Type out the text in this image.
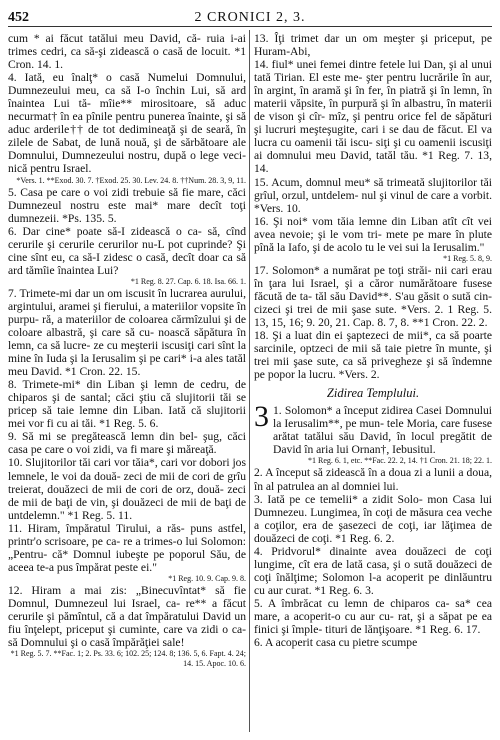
452	2 CRONICI 2, 3.

cum * ai făcut tatălui meu David, că- ruia i-ai trimes cedri, ca să-şi zidească o casă de locuit. *1 Cron. 14. 1.

4. Iată, eu înalţ* o casă Numelui Domnului, Dumnezeului meu, ca să I-o închin Lui, să ard înaintea Lui tă- mîie** mirositoare, să aduc necurmat† în ea pînile pentru punerea înainte, şi să aduc arderile†† de tot dedimineaţă şi de seară, în zilele de Sabat, de lună nouă, şi de sărbătoare ale Domnului, Dumnezeului nostru, după o lege veci- nică pentru Israel.

*Vers. 1. **Exod. 30. 7. †Exod. 25. 30. Lev. 24. 8. ††Num. 28. 3, 9, 11.

5. Casa pe care o voi zidi trebuie să fie mare, căci Dumnezeul nostru este mai* mare decît toţi dumnezeii. *Ps. 135. 5.

6. Dar cine* poate să-I zidească o ca- să, cînd cerurile şi cerurile cerurilor nu-L pot cuprinde? Şi cine sînt eu, ca să-I zidesc o casă, decît doar ca să ard tămîie înaintea Lui?

*1 Reg. 8. 27. Cap. 6. 18. Isa. 66. 1.

7. Trimete-mi dar un om iscusit în lucrarea aurului, argintului, aramei şi fierului, a materiilor vopsite în purpu- ră, a materiilor de coloarea cărmîzului şi de coloare albastră, şi care să cu- noască săpătura în lemn, ca să lucre- ze cu meşterii iscusiţi cari sînt la mine în Iuda şi la Ierusalim şi pe cari* i-a ales tatăl meu David. *1 Cron. 22. 15.

8. Trimete-mi* din Liban şi lemn de cedru, de chiparos şi de santal; căci ştiu că slujitorii tăi se pricep să taie lemne din Liban. Iată că slujitorii mei vor fi cu ai tăi. *1 Reg. 5. 6.

9. Să mi se pregătească lemn din bel- şug, căci casa pe care o voi zidi, va fi mare şi măreaţă.

10. Slujitorilor tăi cari vor tăia*, cari vor dobori jos lemnele, le voi da două- zeci de mii de cori de grîu treierat, douăzeci de mii de cori de orz, două- zeci de mii de baţi de vin, şi douăzeci de mii de baţi de untdelemn." *1 Reg. 5. 11.

11. Hiram, împăratul Tirului, a răs- puns astfel, printr'o scrisoare, pe ca- re a trimes-o lui Solomon: „Pentru- că* Domnul iubeşte pe poporul Său, de aceea te-a pus împărat peste ei."

*1 Reg. 10. 9. Cap. 9. 8.

12. Hiram a mai zis: „Binecuvîntat* să fie Domnul, Dumnezeul lui Israel, ca- re** a făcut cerurile şi pămîntul, că a dat împăratului David un fiu înţelept, priceput şi cuminte, care va zidi o ca- să Domnului şi o casă împărăţiei sale!

*1 Reg. 5. 7. **Fac. 1; 2. Ps. 33. 6; 102. 25; 124. 8; 136. 5, 6. Fapt. 4. 24; 14. 15. Apoc. 10. 6.

13. Îţi trimet dar un om meşter şi priceput, pe Huram-Abi,

14. fiul* unei femei dintre fetele lui Dan, şi al unui tată Tirian. El este me- şter pentru lucrările în aur, în argint, în aramă şi în fer, în piatră şi în lemn, în materii văpsite, în purpură şi în albastru, în materii de vison şi cîr- mîz, şi pentru orice fel de săpături şi lucruri meşteşugite, cari i se dau de făcut. El va lucra cu oamenii tăi iscu- siţi şi cu oamenii iscusiţi ai domnului meu David, tatăl tău. *1 Reg. 7. 13, 14.

15. Acum, domnul meu* să trimeată slujitorilor tăi grîul, orzul, untdelem- nul şi vinul de care a vorbit. *Vers. 10.

16. Şi noi* vom tăia lemne din Liban atît cît vei avea nevoie; şi le vom tri- mete pe mare în plute pînă la Iafo, şi de acolo tu le vei sui la Ierusalim."

*1 Reg. 5. 8, 9.

17. Solomon* a numărat pe toţi străi- nii cari erau în ţara lui Israel, şi a căror numărătoare fusese făcută de ta- tăl său David**. S'au găsit o sută cin- cizeci şi trei de mii şase sute. *Vers. 2. 1 Reg. 5. 13, 15, 16; 9. 20, 21. Cap. 8. 7, 8. **1 Cron. 22. 2.

18. Şi a luat din ei şaptezeci de mii*, ca să poarte sarcinile, optzeci de mii să taie pietre în munte, şi trei mii şase sute, ca să privegheze şi să îndemne pe popor la lucru. *Vers. 2.

Zidirea Templului.
3 1. Solomon* a început zidirea Casei Domnului la Ierusalim**, pe mun- tele Moria, care fusese arătat tatălui său David, în locul pregătit de David în aria lui Ornan†, Iebusitul.

*1 Reg. 6. 1, etc. **Fac. 22. 2, 14. †1 Cron. 21. 18; 22. 1.

2. A început să zidească în a doua zi a lunii a doua, în al patrulea an al domniei lui.

3. Iată pe ce temelii* a zidit Solo- mon Casa lui Dumnezeu. Lungimea, în coţi de măsura cea veche a coţilor, era de şasezeci de coţi, iar lăţimea de douăzeci de coţi. *1 Reg. 6. 2.

4. Pridvorul* dinainte avea douăzeci de coţi lungime, cît era de lată casa, şi o sută douăzeci de coţi înălţime; Solomon l-a acoperit pe dinlăuntru cu aur curat. *1 Reg. 6. 3.

5. A îmbrăcat cu lemn de chiparos ca- sa* cea mare, a acoperit-o cu aur cu- rat, şi a săpat pe ea finici şi împle- tituri de lănţişoare. *1 Reg. 6. 17.

6. A acoperit casa cu pietre scumpe
